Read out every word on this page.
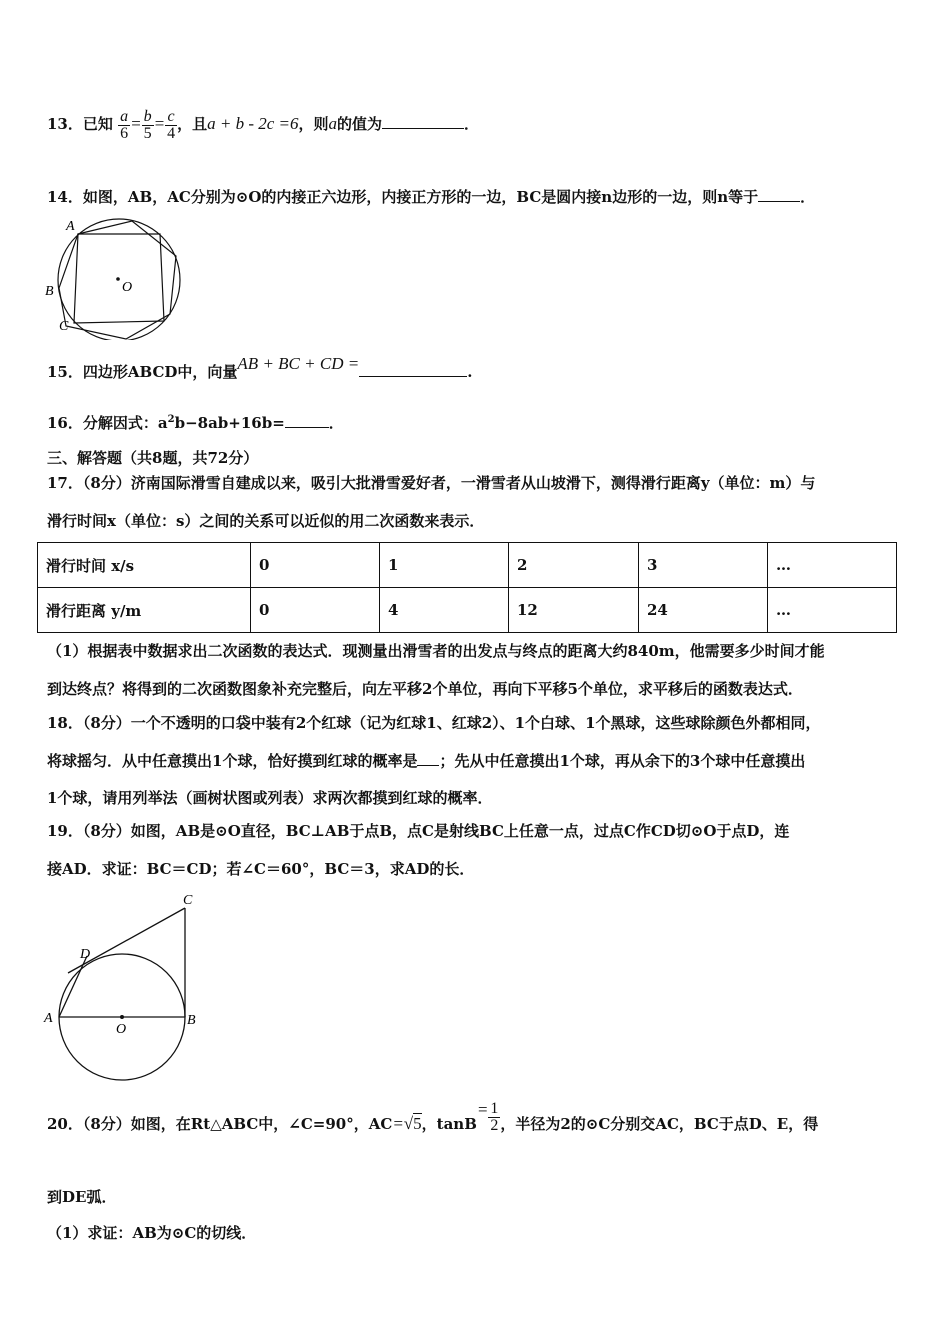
13．已知 $\frac{a}{6} = \frac{b}{5} = \frac{c}{4}$ ，且a + b - 2c =6，则a的值为	．
14．如图，AB，AC分别为⊙O的内接正六边形，内接正方形的一边，BC是圆内接n边形的一边，则n等于	．
A
B
C
O
15．四边形ABCD中，向量AB + BC + CD =	.
16．分解因式：$a^2b-8ab+16b=$	．
三、解答题（共8题，共72分）
17．（8分）济南国际滑雪自建成以来，吸引大批滑雪爱好者，一滑雪者从山坡滑下，测得滑行距离y（单位：m）与
滑行时间x（单位：s）之间的关系可以近似的用二次函数来表示．
滑行时间 x/s	0	1	2	3	…
滑行距离 y/m	0	4	12	24	…
（1）根据表中数据求出二次函数的表达式．现测量出滑雪者的出发点与终点的距离大约840m，他需要多少时间才能
到达终点？将得到的二次函数图象补充完整后，向左平移2个单位，再向下平移5个单位，求平移后的函数表达式．
18．（8分）一个不透明的口袋中装有2个红球（记为红球1、红球2）、1个白球、1个黑球，这些球除颜色外都相同，
将球摇匀．从中任意摸出1个球，恰好摸到红球的概率是 ；先从中任意摸出1个球，再从余下的3个球中任意摸出
1个球，请用列举法（画树状图或列表）求两次都摸到红球的概率．
19．（8分）如图，AB是⊙O直径，BC⊥AB于点B，点C是射线BC上任意一点，过点C作CD切⊙O于点D，连
接AD．求证：BC＝CD；若∠C＝60°，BC＝3，求AD的长．
A	B
C
D
O
20．（8分）如图，在Rt△ABC中，∠C=90°，AC=√5，$\tan B= \frac{1}{2}$ ，半径为2的⊙C分别交AC，BC于点D、E，得
到DE弧．
（1）求证：AB为⊙C的切线．
